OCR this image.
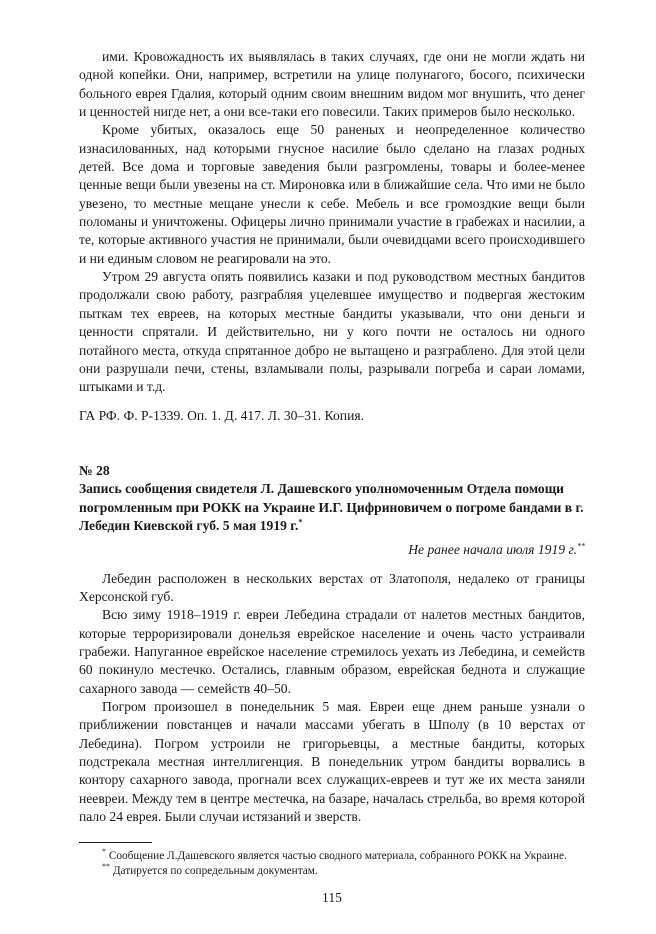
ими. Кровожадность их выявлялась в таких случаях, где они не могли ждать ни одной копейки. Они, например, встретили на улице полунагого, босого, психически больного еврея Гдалия, который одним своим внешним видом мог внушить, что денег и ценностей нигде нет, а они все-таки его повесили. Таких примеров было несколько.

Кроме убитых, оказалось еще 50 раненых и неопределенное количество изнасилованных, над которыми гнусное насилие было сделано на глазах родных детей. Все дома и торговые заведения были разгромлены, товары и более-менее ценные вещи были увезены на ст. Мироновка или в ближайшие села. Что ими не было увезено, то местные мещане унесли к себе. Мебель и все громоздкие вещи были поломаны и уничтожены. Офицеры лично принимали участие в грабежах и насилии, а те, которые активного участия не принимали, были очевидцами всего происходившего и ни единым словом не реагировали на это.

Утром 29 августа опять появились казаки и под руководством местных бандитов продолжали свою работу, разграбляя уцелевшее имущество и подвергая жестоким пыткам тех евреев, на которых местные бандиты указывали, что они деньги и ценности спрятали. И действительно, ни у кого почти не осталось ни одного потайного места, откуда спрятанное добро не вытащено и разграблено. Для этой цели они разрушали печи, стены, взламывали полы, разрывали погреба и сараи ломами, штыками и т.д.

ГА РФ. Ф. Р-1339. Оп. 1. Д. 417. Л. 30–31. Копия.

№ 28

Запись сообщения свидетеля Л. Дашевского уполномоченным Отдела помощи погромленным при РОКК на Украине И.Г. Цифриновичем о погроме бандами в г. Лебедин Киевской губ. 5 мая 1919 г.*

Не ранее начала июля 1919 г.**

Лебедин расположен в нескольких верстах от Златополя, недалеко от границы Херсонской губ.

Всю зиму 1918–1919 г. евреи Лебедина страдали от налетов местных бандитов, которые терроризировали донельзя еврейское население и очень часто устраивали грабежи. Напуганное еврейское население стремилось уехать из Лебедина, и семейств 60 покинуло местечко. Остались, главным образом, еврейская беднота и служащие сахарного завода — семейств 40–50.

Погром произошел в понедельник 5 мая. Евреи еще днем раньше узнали о приближении повстанцев и начали массами убегать в Шполу (в 10 верстах от Лебедина). Погром устроили не григорьевцы, а местные бандиты, которых подстрекала местная интеллигенция. В понедельник утром бандиты ворвались в контору сахарного завода, прогнали всех служащих-евреев и тут же их места заняли неевреи. Между тем в центре местечка, на базаре, началась стрельба, во время которой пало 24 еврея. Были случаи истязаний и зверств.

* Сообщение Л.Дашевского является частью сводного материала, собранного РОКК на Украине.

** Датируется по сопредельным документам.

115
